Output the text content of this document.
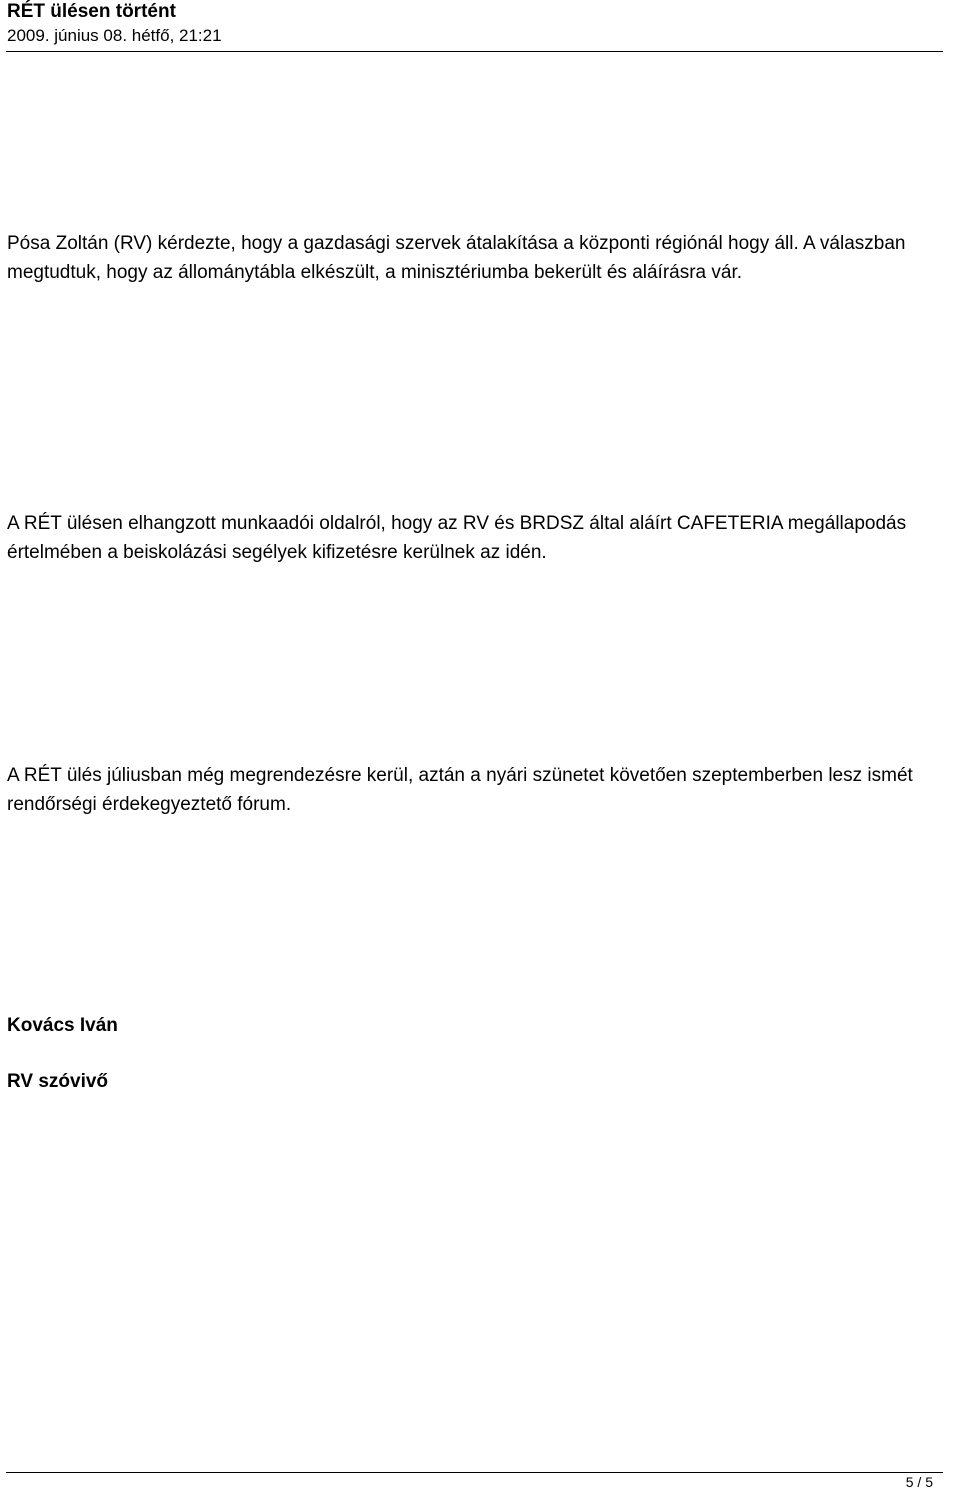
RÉT ülésen történt

2009. június 08. hétfő, 21:21

Pósa Zoltán (RV) kérdezte, hogy a gazdasági szervek átalakítása a központi régiónál hogy áll. A válaszban megtudtuk, hogy az állománytábla elkészült, a minisztériumba bekerült és aláírásra vár.

A RÉT ülésen elhangzott munkaadói oldalról, hogy az RV és BRDSZ által aláírt CAFETERIA megállapodás értelmében a beiskolázási segélyek kifizetésre kerülnek az idén.

A RÉT ülés júliusban még megrendezésre kerül, aztán a nyári szünetet követően szeptemberben lesz ismét rendőrségi érdekegyeztető fórum.

Kovács Iván

RV szóvivő

5 / 5
